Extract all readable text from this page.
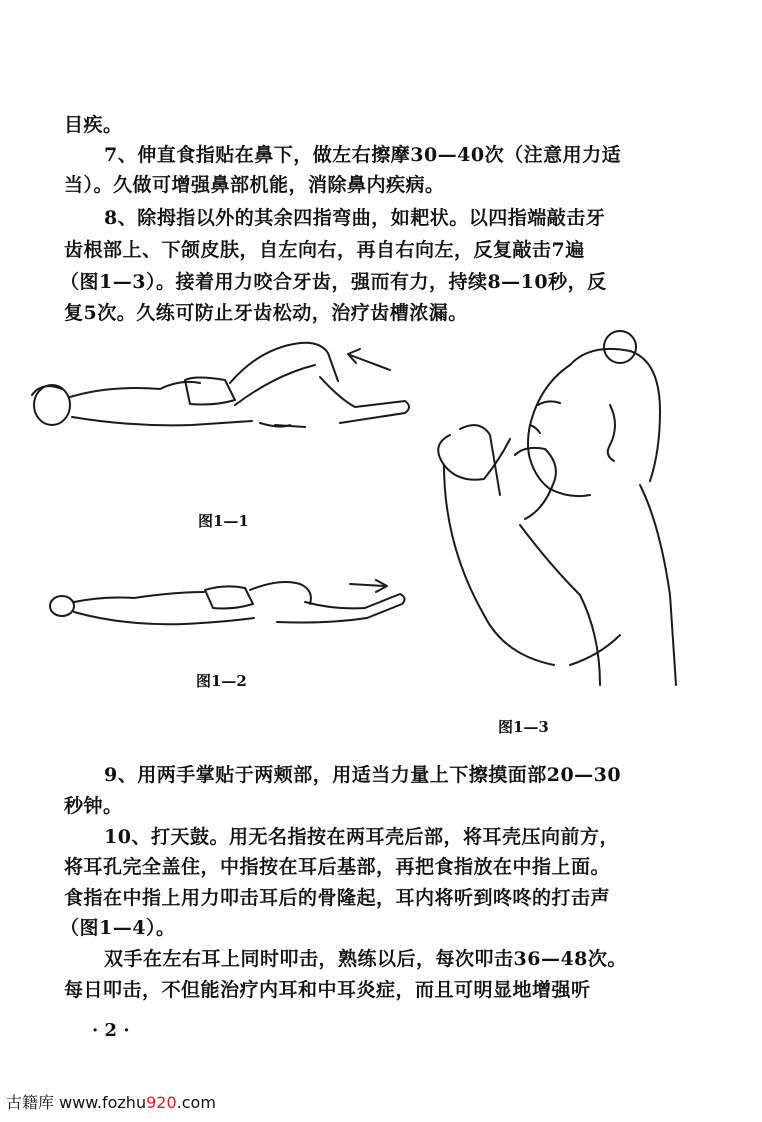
目疾。
7、伸直食指贴在鼻下，做左右擦摩30—40次（注意用力适
当）。久做可增强鼻部机能，消除鼻内疾病。
8、除拇指以外的其余四指弯曲，如耙状。以四指端敲击牙
齿根部上、下颌皮肤，自左向右，再自右向左，反复敲击7遍
（图1—3）。接着用力咬合牙齿，强而有力，持续8—10秒，反
复5次。久练可防止牙齿松动，治疗齿槽浓漏。
图1—1
图1—2
图1—3
9、用两手掌贴于两颊部，用适当力量上下擦摸面部20—30
秒钟。
10、打天鼓。用无名指按在两耳壳后部，将耳壳压向前方，
将耳孔完全盖住，中指按在耳后基部，再把食指放在中指上面。
食指在中指上用力叩击耳后的骨隆起，耳内将听到咚咚的打击声
（图1—4）。
双手在左右耳上同时叩击，熟练以后，每次叩击36—48次。
每日叩击，不但能治疗内耳和中耳炎症，而且可明显地增强听
· 2 ·
古籍库 www.fozhu920.com
